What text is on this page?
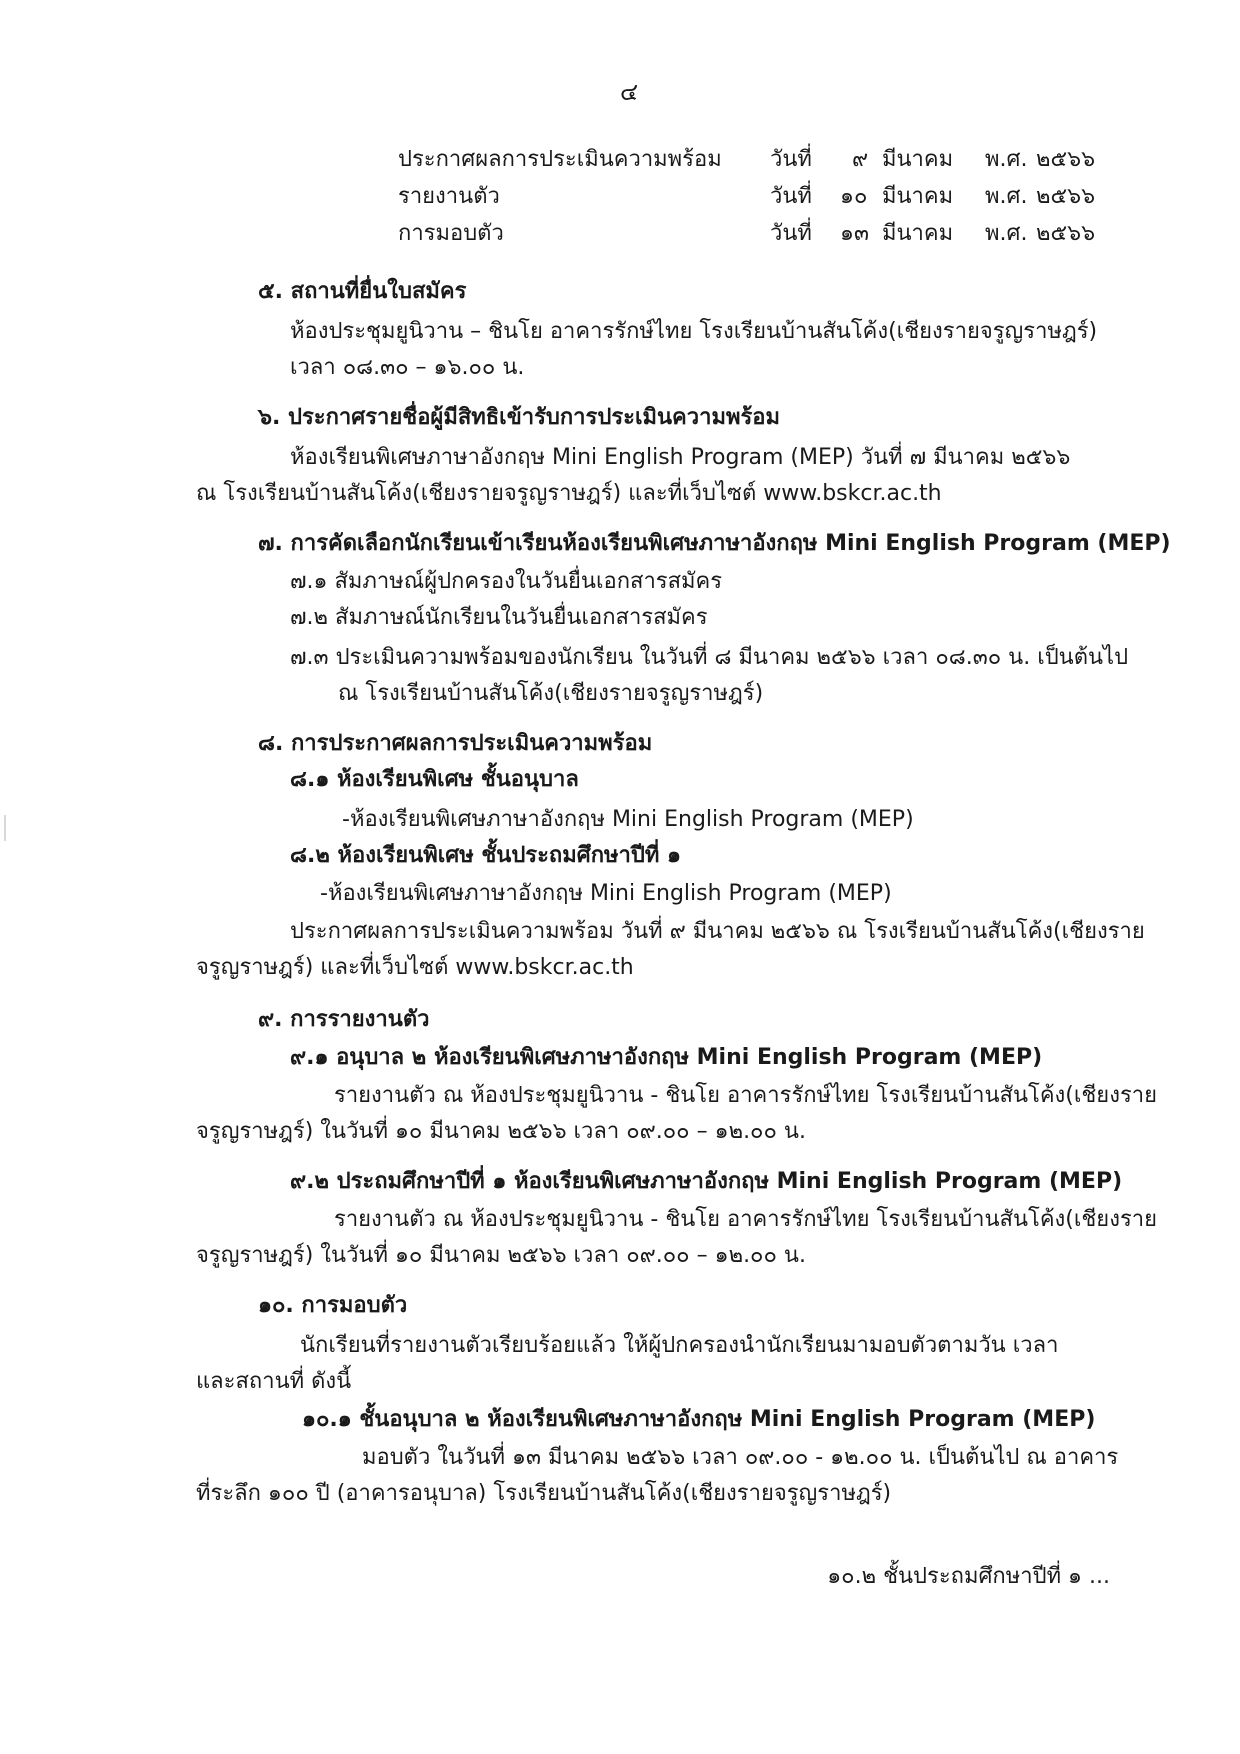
๔
ประกาศผลการประเมินความพร้อม วันที่ ๙ มีนาคม พ.ศ. ๒๕๖๖
รายงานตัว	วันที่ ๑๐ มีนาคม พ.ศ. ๒๕๖๖
การมอบตัว	วันที่ ๑๓ มีนาคม พ.ศ. ๒๕๖๖
๕. สถานที่ยื่นใบสมัคร
ห้องประชุมยูนิวาน – ชินโย อาคารรักษ์ไทย โรงเรียนบ้านสันโค้ง(เชียงรายจรูญราษฎร์)
เวลา ๐๘.๓๐ – ๑๖.๐๐ น.
๖. ประกาศรายชื่อผู้มีสิทธิเข้ารับการประเมินความพร้อม
ห้องเรียนพิเศษภาษาอังกฤษ Mini English Program (MEP) วันที่ ๗ มีนาคม ๒๕๖๖
ณ โรงเรียนบ้านสันโค้ง(เชียงรายจรูญราษฎร์) และที่เว็บไซต์ www.bskcr.ac.th
๗. การคัดเลือกนักเรียนเข้าเรียนห้องเรียนพิเศษภาษาอังกฤษ Mini English Program (MEP)
๗.๑ สัมภาษณ์ผู้ปกครองในวันยื่นเอกสารสมัคร
๗.๒ สัมภาษณ์นักเรียนในวันยื่นเอกสารสมัคร
๗.๓ ประเมินความพร้อมของนักเรียน ในวันที่ ๘ มีนาคม ๒๕๖๖ เวลา ๐๘.๓๐ น. เป็นต้นไป
ณ โรงเรียนบ้านสันโค้ง(เชียงรายจรูญราษฎร์)
๘. การประกาศผลการประเมินความพร้อม
๘.๑ ห้องเรียนพิเศษ ชั้นอนุบาล
-ห้องเรียนพิเศษภาษาอังกฤษ Mini English Program (MEP)
๘.๒ ห้องเรียนพิเศษ ชั้นประถมศึกษาปีที่ ๑
-ห้องเรียนพิเศษภาษาอังกฤษ Mini English Program (MEP)
ประกาศผลการประเมินความพร้อม วันที่ ๙ มีนาคม ๒๕๖๖ ณ โรงเรียนบ้านสันโค้ง(เชียงราย
จรูญราษฎร์) และที่เว็บไซต์ www.bskcr.ac.th
๙. การรายงานตัว
๙.๑ อนุบาล ๒ ห้องเรียนพิเศษภาษาอังกฤษ Mini English Program (MEP)
รายงานตัว ณ ห้องประชุมยูนิวาน - ชินโย อาคารรักษ์ไทย โรงเรียนบ้านสันโค้ง(เชียงราย
จรูญราษฎร์) ในวันที่ ๑๐ มีนาคม ๒๕๖๖ เวลา ๐๙.๐๐ – ๑๒.๐๐ น.
๙.๒ ประถมศึกษาปีที่ ๑ ห้องเรียนพิเศษภาษาอังกฤษ Mini English Program (MEP)
รายงานตัว ณ ห้องประชุมยูนิวาน - ชินโย อาคารรักษ์ไทย โรงเรียนบ้านสันโค้ง(เชียงราย
จรูญราษฎร์) ในวันที่ ๑๐ มีนาคม ๒๕๖๖ เวลา ๐๙.๐๐ – ๑๒.๐๐ น.
๑๐. การมอบตัว
นักเรียนที่รายงานตัวเรียบร้อยแล้ว ให้ผู้ปกครองนำนักเรียนมามอบตัวตามวัน เวลา
และสถานที่ ดังนี้
๑๐.๑ ชั้นอนุบาล ๒ ห้องเรียนพิเศษภาษาอังกฤษ Mini English Program (MEP)
มอบตัว ในวันที่ ๑๓ มีนาคม ๒๕๖๖ เวลา ๐๙.๐๐ - ๑๒.๐๐ น. เป็นต้นไป ณ อาคาร
ที่ระลึก ๑๐๐ ปี (อาคารอนุบาล) โรงเรียนบ้านสันโค้ง(เชียงรายจรูญราษฎร์)
๑๐.๒ ชั้นประถมศึกษาปีที่ ๑ ...
